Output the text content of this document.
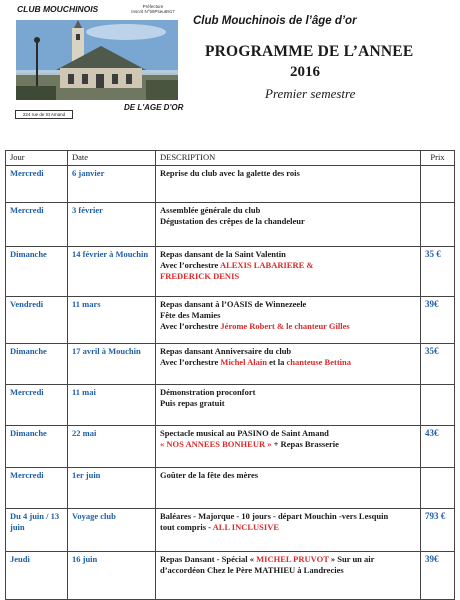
CLUB MOUCHINOIS	Préfecture
Inscrit N°59Pseu6917
DE L'AGE D'OR
224 rue de St Amand
Club Mouchinois de l’âge d’or
PROGRAMME DE L’ANNEE
2016
Premier semestre
Jour	Date	DESCRIPTION	Prix
Mercredi	6 janvier	Reprise du club avec la galette des rois	

Mercredi	3 février	Assemblée générale du club
Dégustation des crêpes de la chandeleur	

Dimanche	14 février à Mouchin	Repas dansant de la Saint Valentin
Avec l’orchestre ALEXIS LABARIERE &
FREDERICK DENIS	35 €
Vendredi	11 mars	Repas dansant à l’OASIS de Winnezeele
Fête des Mamies
Avec l’orchestre Jérome Robert & le chanteur Gilles	39€
Dimanche	17 avril à Mouchin	Repas dansant Anniversaire du club
Avec l’orchestre Michel Alain et la chanteuse Bettina	35€
Mercredi	11 mai	Démonstration proconfort
Puis repas gratuit	

Dimanche	22 mai	Spectacle musical au PASINO de Saint Amand
« NOS ANNEES BONHEUR » + Repas Brasserie	43€
Mercredi	1er juin	Goûter de la fête des mères	

Du 4 juin / 13 juin	Voyage club	Baléares - Majorque - 10 jours - départ Mouchin -vers Lesquin
tout compris - ALL INCLUSIVE	793 €
Jeudi	16 juin	Repas Dansant - Spécial « MICHEL PRUVOT » Sur un air d’accordéon Chez le Père MATHIEU à Landrecies	39€
